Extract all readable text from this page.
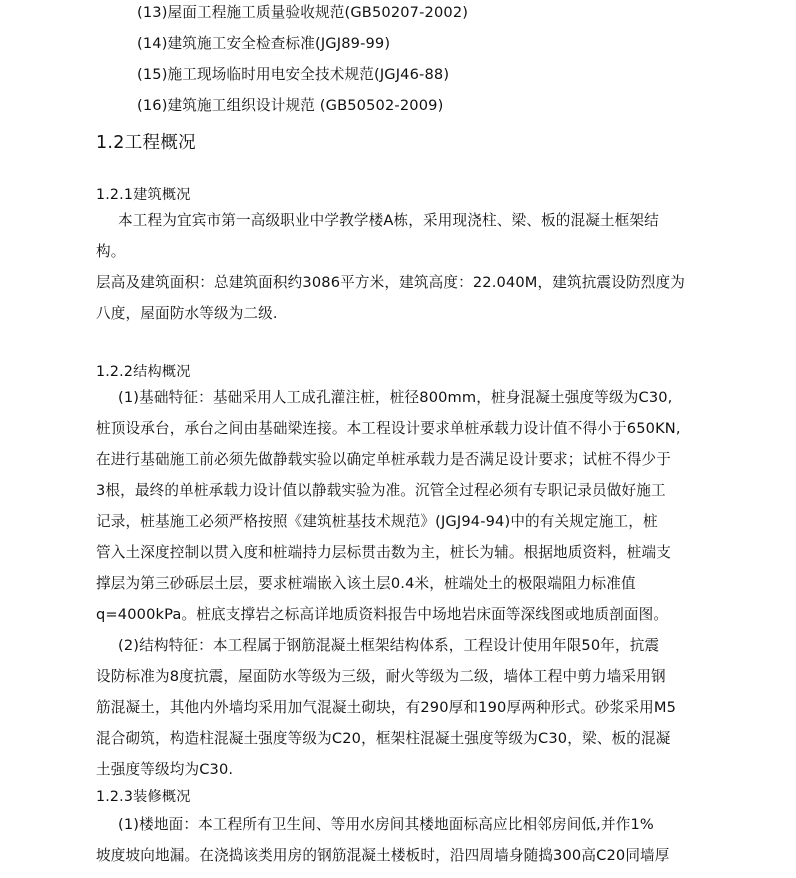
(13)屋面工程施工质量验收规范(GB50207-2002)
(14)建筑施工安全检查标准(JGJ89-99)
(15)施工现场临时用电安全技术规范(JGJ46-88)
(16)建筑施工组织设计规范 (GB50502-2009)
1.2工程概况
1.2.1建筑概况
本工程为宜宾市第一高级职业中学教学楼A栋，采用现浇柱、梁、板的混凝土框架结
构。
层高及建筑面积：总建筑面积约3086平方米，建筑高度：22.040M，建筑抗震设防烈度为
八度，屋面防水等级为二级.
1.2.2结构概况
(1)基础特征：基础采用人工成孔灌注桩，桩径800mm，桩身混凝土强度等级为C30,
桩顶设承台，承台之间由基础梁连接。本工程设计要求单桩承载力设计值不得小于650KN,
在进行基础施工前必须先做静载实验以确定单桩承载力是否满足设计要求；试桩不得少于
3根，最终的单桩承载力设计值以静载实验为准。沉管全过程必须有专职记录员做好施工
记录，桩基施工必须严格按照《建筑桩基技术规范》(JGJ94-94)中的有关规定施工，桩
管入土深度控制以贯入度和桩端持力层标贯击数为主，桩长为辅。根据地质资料，桩端支
撑层为第三砂砾层土层，要求桩端嵌入该土层0.4米，桩端处土的极限端阻力标准值
q=4000kPa。桩底支撑岩之标高详地质资料报告中场地岩床面等深线图或地质剖面图。
(2)结构特征：本工程属于钢筋混凝土框架结构体系，工程设计使用年限50年，抗震
设防标准为8度抗震，屋面防水等级为三级，耐火等级为二级，墙体工程中剪力墙采用钢
筋混凝土，其他内外墙均采用加气混凝土砌块，有290厚和190厚两种形式。砂浆采用M5
混合砌筑，构造柱混凝土强度等级为C20，框架柱混凝土强度等级为C30，梁、板的混凝
土强度等级均为C30.
1.2.3装修概况
(1)楼地面：本工程所有卫生间、等用水房间其楼地面标高应比相邻房间低,并作1%
坡度坡向地漏。在浇捣该类用房的钢筋混凝土楼板时，沿四周墙身随捣300高C20同墙厚
